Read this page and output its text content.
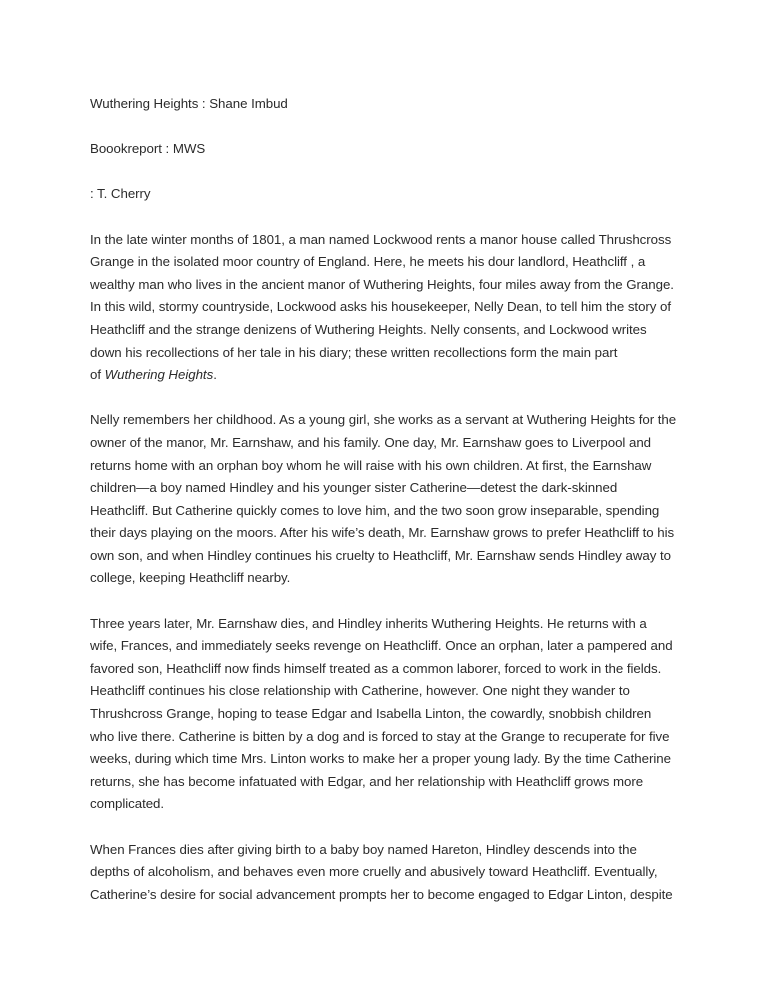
Wuthering Heights : Shane Imbud
Boookreport : MWS
: T. Cherry
In the late winter months of 1801, a man named Lockwood rents a manor house called Thrushcross
Grange in the isolated moor country of England. Here, he meets his dour landlord, Heathcliff , a
wealthy man who lives in the ancient manor of Wuthering Heights, four miles away from the Grange.
In this wild, stormy countryside, Lockwood asks his housekeeper, Nelly Dean, to tell him the story of
Heathcliff and the strange denizens of Wuthering Heights. Nelly consents, and Lockwood writes
down his recollections of her tale in his diary; these written recollections form the main part
of Wuthering Heights.
Nelly remembers her childhood. As a young girl, she works as a servant at Wuthering Heights for the
owner of the manor, Mr. Earnshaw, and his family. One day, Mr. Earnshaw goes to Liverpool and
returns home with an orphan boy whom he will raise with his own children. At first, the Earnshaw
children—a boy named Hindley and his younger sister Catherine—detest the dark-skinned
Heathcliff. But Catherine quickly comes to love him, and the two soon grow inseparable, spending
their days playing on the moors. After his wife’s death, Mr. Earnshaw grows to prefer Heathcliff to his
own son, and when Hindley continues his cruelty to Heathcliff, Mr. Earnshaw sends Hindley away to
college, keeping Heathcliff nearby.
Three years later, Mr. Earnshaw dies, and Hindley inherits Wuthering Heights. He returns with a
wife, Frances, and immediately seeks revenge on Heathcliff. Once an orphan, later a pampered and
favored son, Heathcliff now finds himself treated as a common laborer, forced to work in the fields.
Heathcliff continues his close relationship with Catherine, however. One night they wander to
Thrushcross Grange, hoping to tease Edgar and Isabella Linton, the cowardly, snobbish children
who live there. Catherine is bitten by a dog and is forced to stay at the Grange to recuperate for five
weeks, during which time Mrs. Linton works to make her a proper young lady. By the time Catherine
returns, she has become infatuated with Edgar, and her relationship with Heathcliff grows more
complicated.
When Frances dies after giving birth to a baby boy named Hareton, Hindley descends into the
depths of alcoholism, and behaves even more cruelly and abusively toward Heathcliff. Eventually,
Catherine’s desire for social advancement prompts her to become engaged to Edgar Linton, despite
